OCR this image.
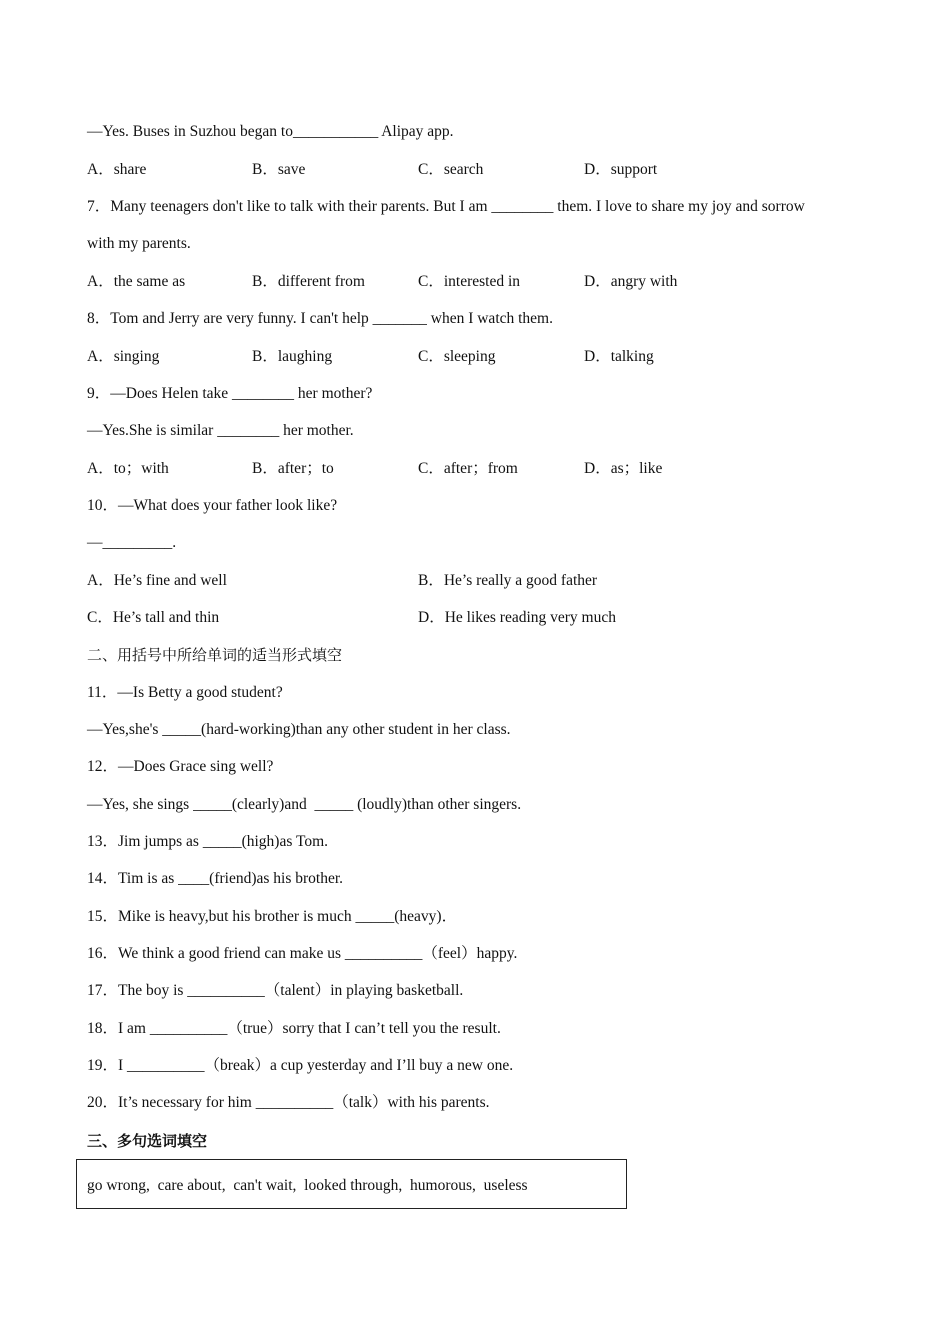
—Yes. Buses in Suzhou began to___________ Alipay app.
A．share	B．save	C．search	D．support
7．Many teenagers don't like to talk with their parents. But I am ________ them. I love to share my joy and sorrow
with my parents.
A．the same as	B．different from	C．interested in	D．angry with
8．Tom and Jerry are very funny. I can't help _______ when I watch them.
A．singing	B．laughing	C．sleeping	D．talking
9．—Does Helen take ________ her mother?
—Yes.She is similar ________ her mother.
A．to；with	B．after；to	C．after；from	D．as；like
10．—What does your father look like?
—_________.
A．He’s fine and well	B．He’s really a good father
C．He’s tall and thin	D．He likes reading very much
二、用括号中所给单词的适当形式填空
11．—Is Betty a good student?
—Yes,she's _____(hard-working)than any other student in her class.
12．—Does Grace sing well?
—Yes, she sings _____(clearly)and  _____ (loudly)than other singers.
13．Jim jumps as _____(high)as Tom.
14．Tim is as ____(friend)as his brother.
15．Mike is heavy,but his brother is much _____(heavy)．
16．We think a good friend can make us __________（feel）happy.
17．The boy is __________（talent）in playing basketball.
18．I am __________（true）sorry that I can’t tell you the result.
19．I __________（break）a cup yesterday and I’ll buy a new one.
20．It’s necessary for him __________（talk）with his parents.
三、多句选词填空
go wrong,  care about,  can't wait,  looked through,  humorous,  useless
